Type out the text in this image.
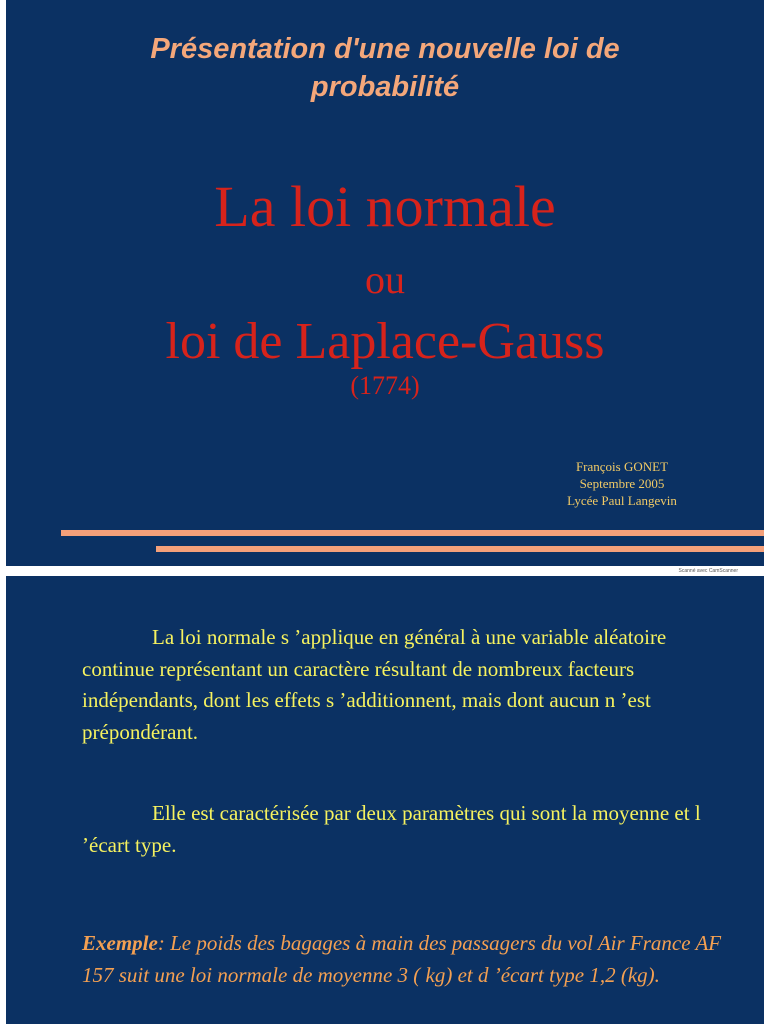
Présentation d'une nouvelle loi de
probabilité
La loi normale
ou
loi de Laplace-Gauss
(1774)
François GONET
Septembre 2005
Lycée Paul Langevin
Scanné avec CamScanner

La loi normale s ’applique en général à une variable aléatoire continue représentant un caractère résultant de nombreux facteurs indépendants, dont les effets s ’additionnent, mais dont aucun n ’est prépondérant.

Elle est caractérisée par deux paramètres qui sont la moyenne et l ’écart type.

Exemple: Le poids des bagages à main des passagers du vol Air France AF 157 suit une loi normale de moyenne 3 ( kg) et d ’écart type 1,2 (kg).
